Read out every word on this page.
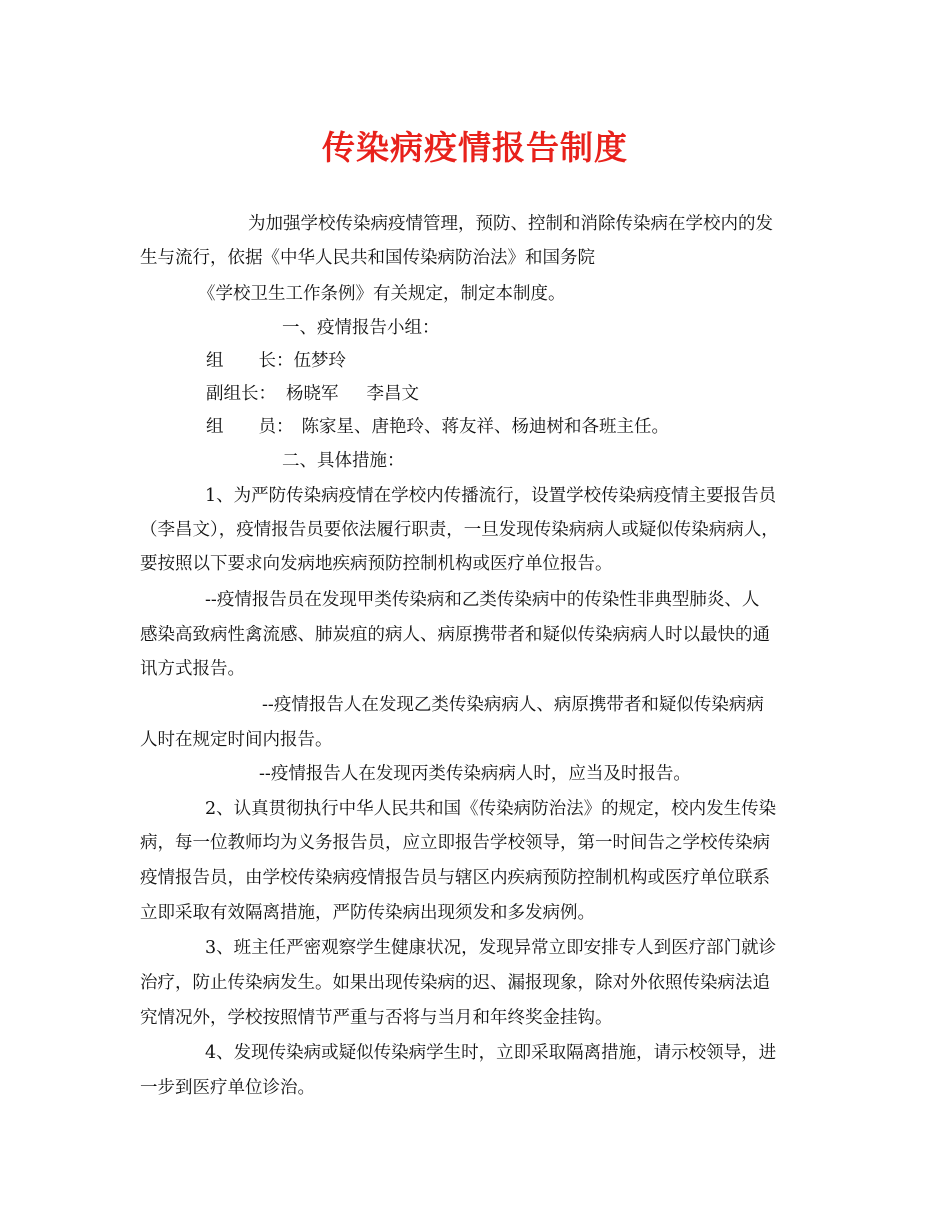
传染病疫情报告制度
为加强学校传染病疫情管理，预防、控制和消除传染病在学校内的发
生与流行，依据《中华人民共和国传染病防治法》和国务院
《学校卫生工作条例》有关规定，制定本制度。
一、疫情报告小组：
组　　长：伍梦玲
副组长： 杨晓军 李昌文
组　　员： 陈家星、唐艳玲、蒋友祥、杨迪树和各班主任。
二、具体措施：
1、为严防传染病疫情在学校内传播流行，设置学校传染病疫情主要报告员
（李昌文），疫情报告员要依法履行职责，一旦发现传染病病人或疑似传染病病人，
要按照以下要求向发病地疾病预防控制机构或医疗单位报告。
--疫情报告员在发现甲类传染病和乙类传染病中的传染性非典型肺炎、人
感染高致病性禽流感、肺炭疽的病人、病原携带者和疑似传染病病人时以最快的通
讯方式报告。
--疫情报告人在发现乙类传染病病人、病原携带者和疑似传染病病
人时在规定时间内报告。
--疫情报告人在发现丙类传染病病人时，应当及时报告。
2、认真贯彻执行中华人民共和国《传染病防治法》的规定，校内发生传染
病，每一位教师均为义务报告员，应立即报告学校领导，第一时间告之学校传染病
疫情报告员，由学校传染病疫情报告员与辖区内疾病预防控制机构或医疗单位联系
立即采取有效隔离措施，严防传染病出现须发和多发病例。
3、班主任严密观察学生健康状况，发现异常立即安排专人到医疗部门就诊
治疗，防止传染病发生。如果出现传染病的迟、漏报现象，除对外依照传染病法追
究情况外，学校按照情节严重与否将与当月和年终奖金挂钩。
4、发现传染病或疑似传染病学生时，立即采取隔离措施，请示校领导，进
一步到医疗单位诊治。
